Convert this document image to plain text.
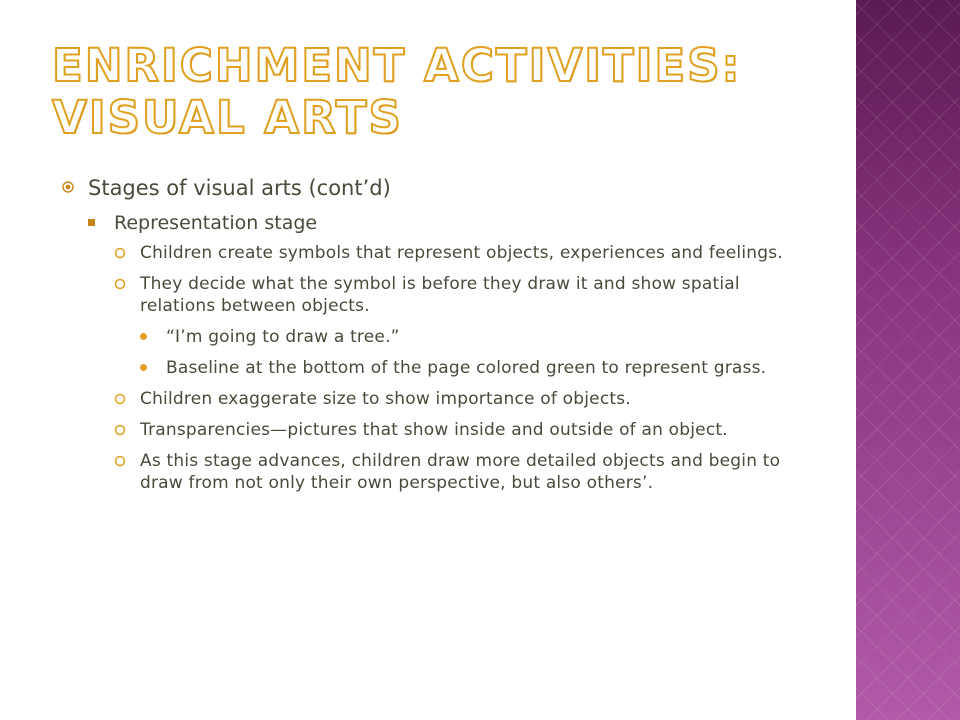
ENRICHMENT ACTIVITIES:
VISUAL ARTS
Stages of visual arts (cont’d)
Representation stage
Children create symbols that represent objects, experiences and feelings.
They decide what the symbol is before they draw it and show spatial relations between objects.
“I’m going to draw a tree.”
Baseline at the bottom of the page colored green to represent grass.
Children exaggerate size to show importance of objects.
Transparencies—pictures that show inside and outside of an object.
As this stage advances, children draw more detailed objects and begin to draw from not only their own perspective, but also others’.
